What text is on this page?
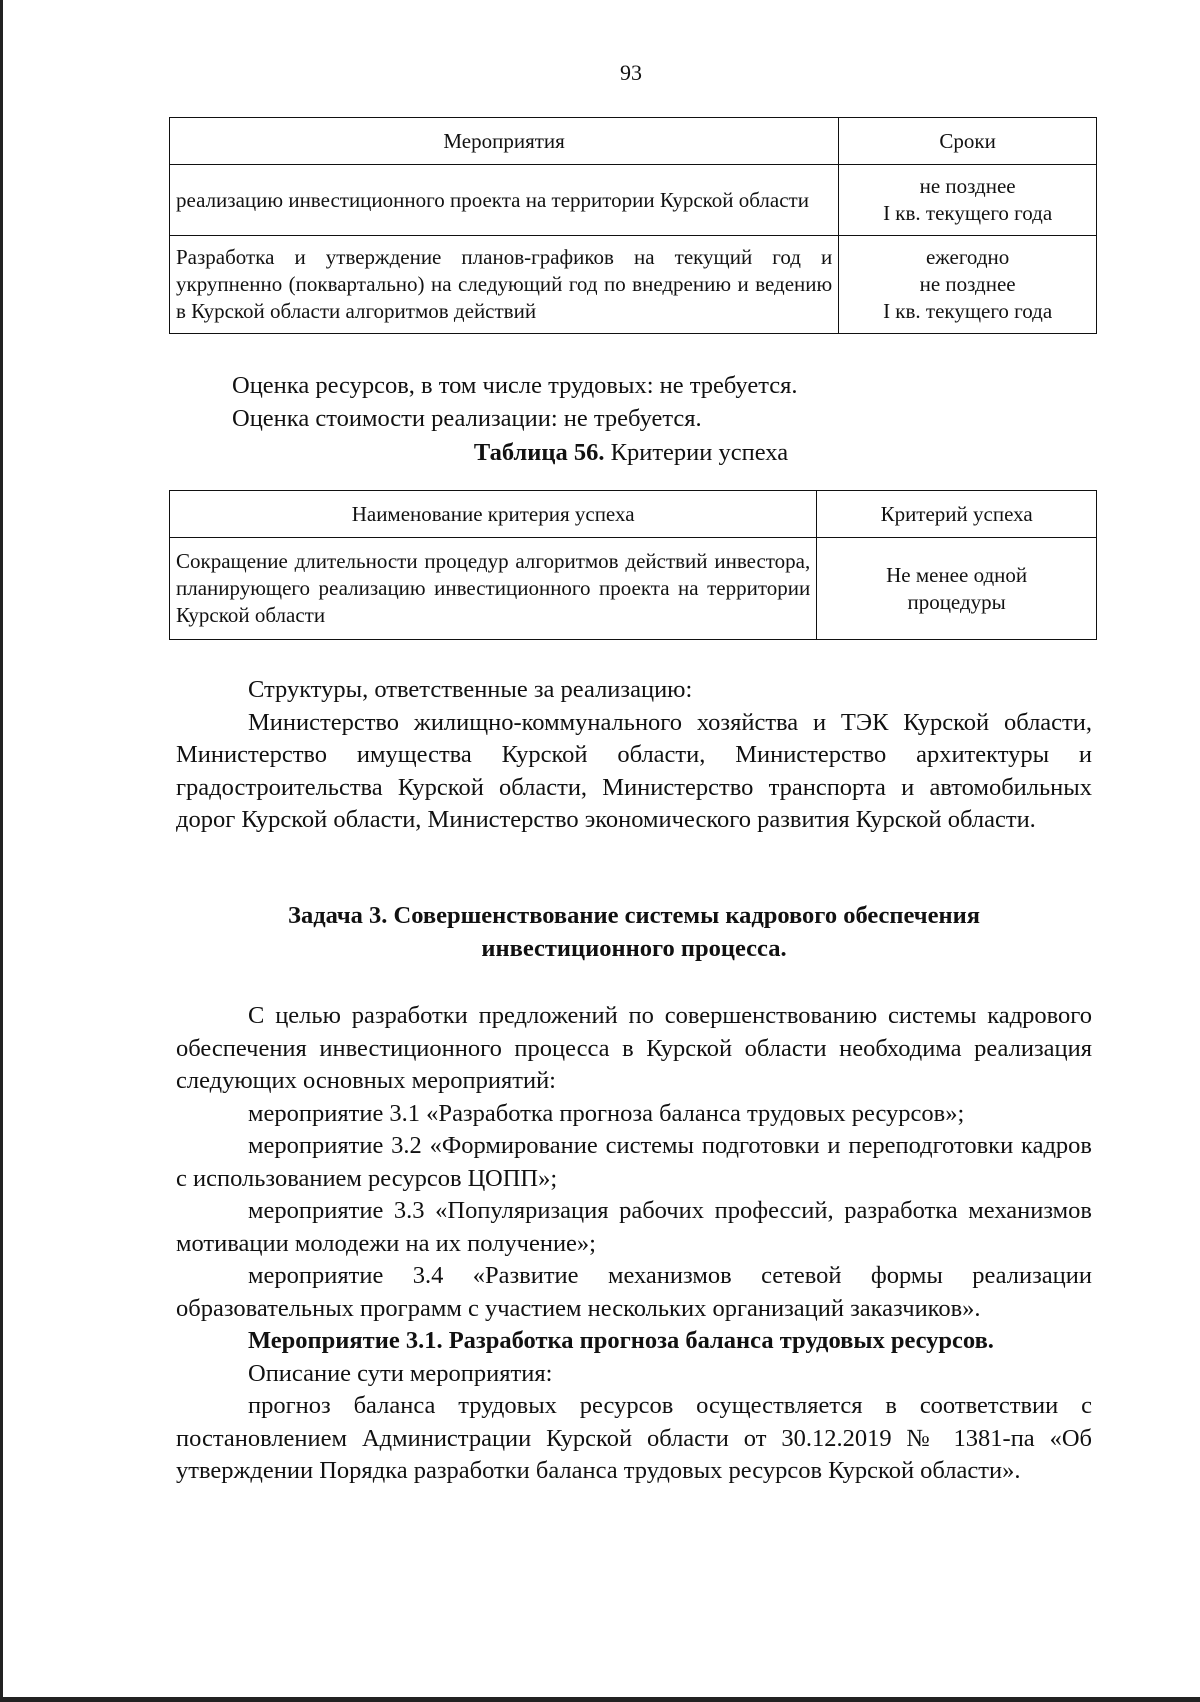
93
Мероприятия	Сроки
реализацию инвестиционного проекта на территории Курской области	не позднее
I кв. текущего года

Разработка и утверждение планов-графиков на текущий год и укрупненно (поквартально) на следующий год по внедрению и ведению в Курской области алгоритмов действий	ежегодно
не позднее
I кв. текущего года

Оценка ресурсов, в том числе трудовых: не требуется.

Оценка стоимости реализации: не требуется.

Таблица 56. Критерии успеха
Наименование критерия успеха	Критерий успеха
Сокращение длительности процедур алгоритмов действий инвестора, планирующего реализацию инвестиционного проекта на территории Курской области	Не менее одной
процедуры

Структуры, ответственные за реализацию:

Министерство жилищно-коммунального хозяйства и ТЭК Курской области, Министерство имущества Курской области, Министерство архитектуры и градостроительства Курской области, Министерство транспорта и автомобильных дорог Курской области, Министерство экономического развития Курской области.

Задача 3. Совершенствование системы кадрового обеспечения
инвестиционного процесса.

С целью разработки предложений по совершенствованию системы кадрового обеспечения инвестиционного процесса в Курской области необходима реализация следующих основных мероприятий:

мероприятие 3.1 «Разработка прогноза баланса трудовых ресурсов»;

мероприятие 3.2 «Формирование системы подготовки и переподготовки кадров с использованием ресурсов ЦОПП»;

мероприятие 3.3 «Популяризация рабочих профессий, разработка механизмов мотивации молодежи на их получение»;

мероприятие 3.4 «Развитие механизмов сетевой формы реализации образовательных программ с участием нескольких организаций заказчиков».

Мероприятие 3.1. Разработка прогноза баланса трудовых ресурсов.

Описание сути мероприятия:

прогноз баланса трудовых ресурсов осуществляется в соответствии с постановлением Администрации Курской области от 30.12.2019 № 1381-па «Об утверждении Порядка разработки баланса трудовых ресурсов Курской области».
